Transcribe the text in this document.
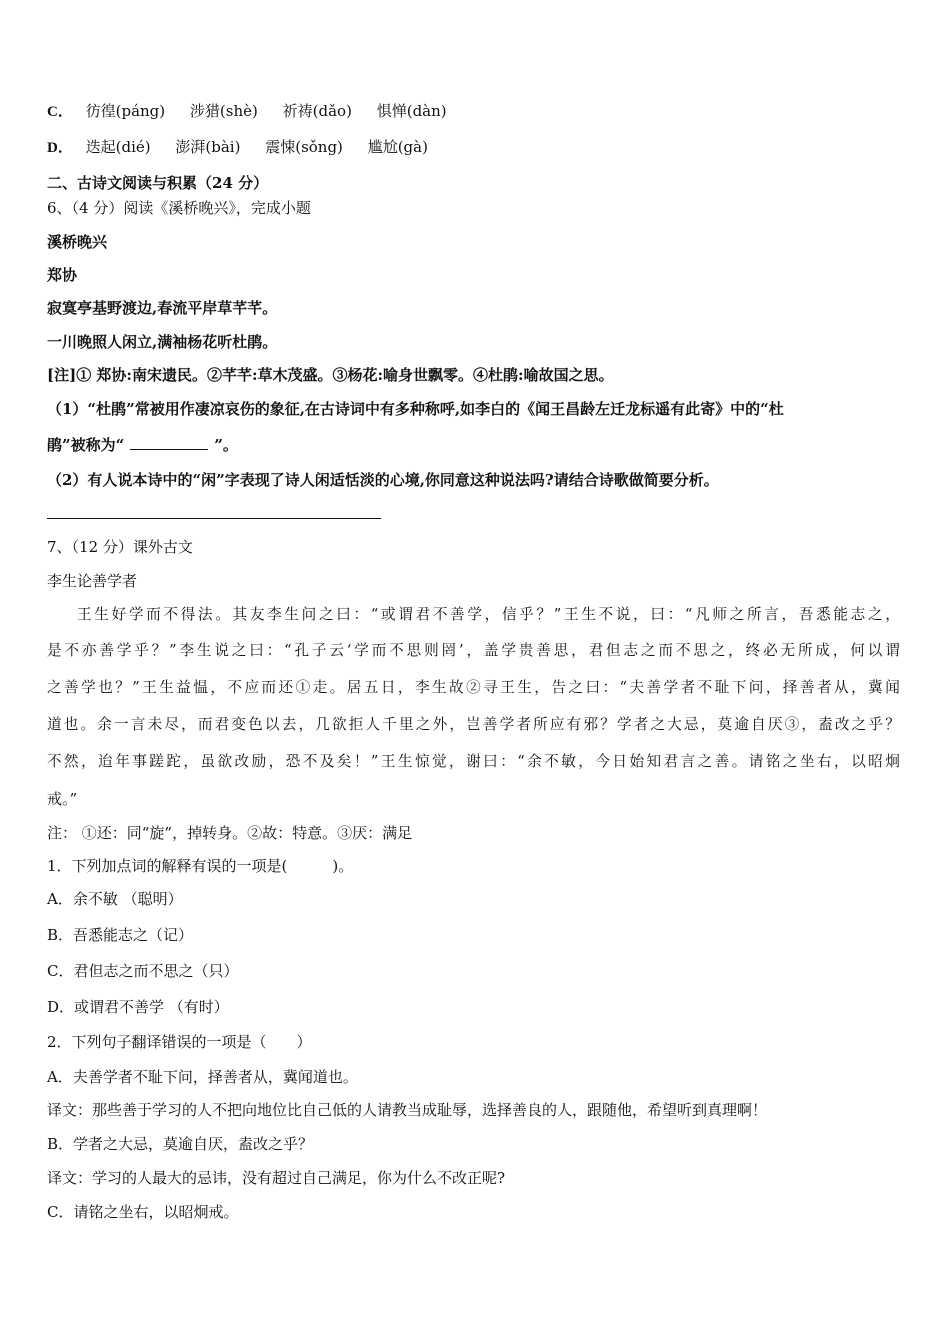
C． 彷徨(páng) 涉猎(shè) 祈祷(dǎo) 惧惮(dàn)
D． 迭起(dié) 澎湃(bài) 震悚(sǒng) 尴尬(gà)
二、古诗文阅读与积累（24 分）
6、（4 分）阅读《溪桥晚兴》，完成小题
溪桥晚兴
郑协
寂寞亭基野渡边,春流平岸草芊芊。
一川晚照人闲立,满袖杨花听杜鹃。
[注]① 郑协:南宋遗民。②芊芊:草木茂盛。③杨花:喻身世飘零。④杜鹃:喻故国之思。
（1）“杜鹃”常被用作凄凉哀伤的象征,在古诗词中有多种称呼,如李白的《闻王昌龄左迁龙标遥有此寄》中的“杜
鹃”被称为“	”。
（2）有人说本诗中的“闲”字表现了诗人闲适恬淡的心境,你同意这种说法吗?请结合诗歌做简要分析。
7、（12 分）课外古文
李生论善学者
王生好学而不得法。其友李生问之曰：“或谓君不善学，信乎？”王生不说，曰：“凡师之所言，吾悉能志之，
是不亦善学乎？”李生说之曰：“孔子云‘学而不思则罔’，盖学贵善思，君但志之而不思之，终必无所成，何以谓
之善学也？”王生益愠，不应而还①走。居五日，李生故②寻王生，告之曰：“夫善学者不耻下问，择善者从，冀闻
道也。余一言未尽，而君变色以去，几欲拒人千里之外，岂善学者所应有邪？学者之大忌，莫逾自厌③，盍改之乎？
不然，迨年事蹉跎，虽欲改励，恐不及矣！”王生惊觉，谢曰：“余不敏，今日始知君言之善。请铭之坐右，以昭炯
戒。”
注： ①还：同“旋”，掉转身。②故：特意。③厌：满足
1．下列加点词的解释有误的一项是(　　　)。
A．余不敏 （聪明）
B．吾悉能志之（记）
C．君但志之而不思之（只）
D．或谓君不善学 （有时）
2．下列句子翻译错误的一项是（　　）
A．夫善学者不耻下问，择善者从，冀闻道也。
译文：那些善于学习的人不把向地位比自己低的人请教当成耻辱，选择善良的人，跟随他，希望听到真理啊！
B．学者之大忌，莫逾自厌，盍改之乎？
译文：学习的人最大的忌讳，没有超过自己满足，你为什么不改正呢?
C．请铭之坐右，以昭炯戒。
